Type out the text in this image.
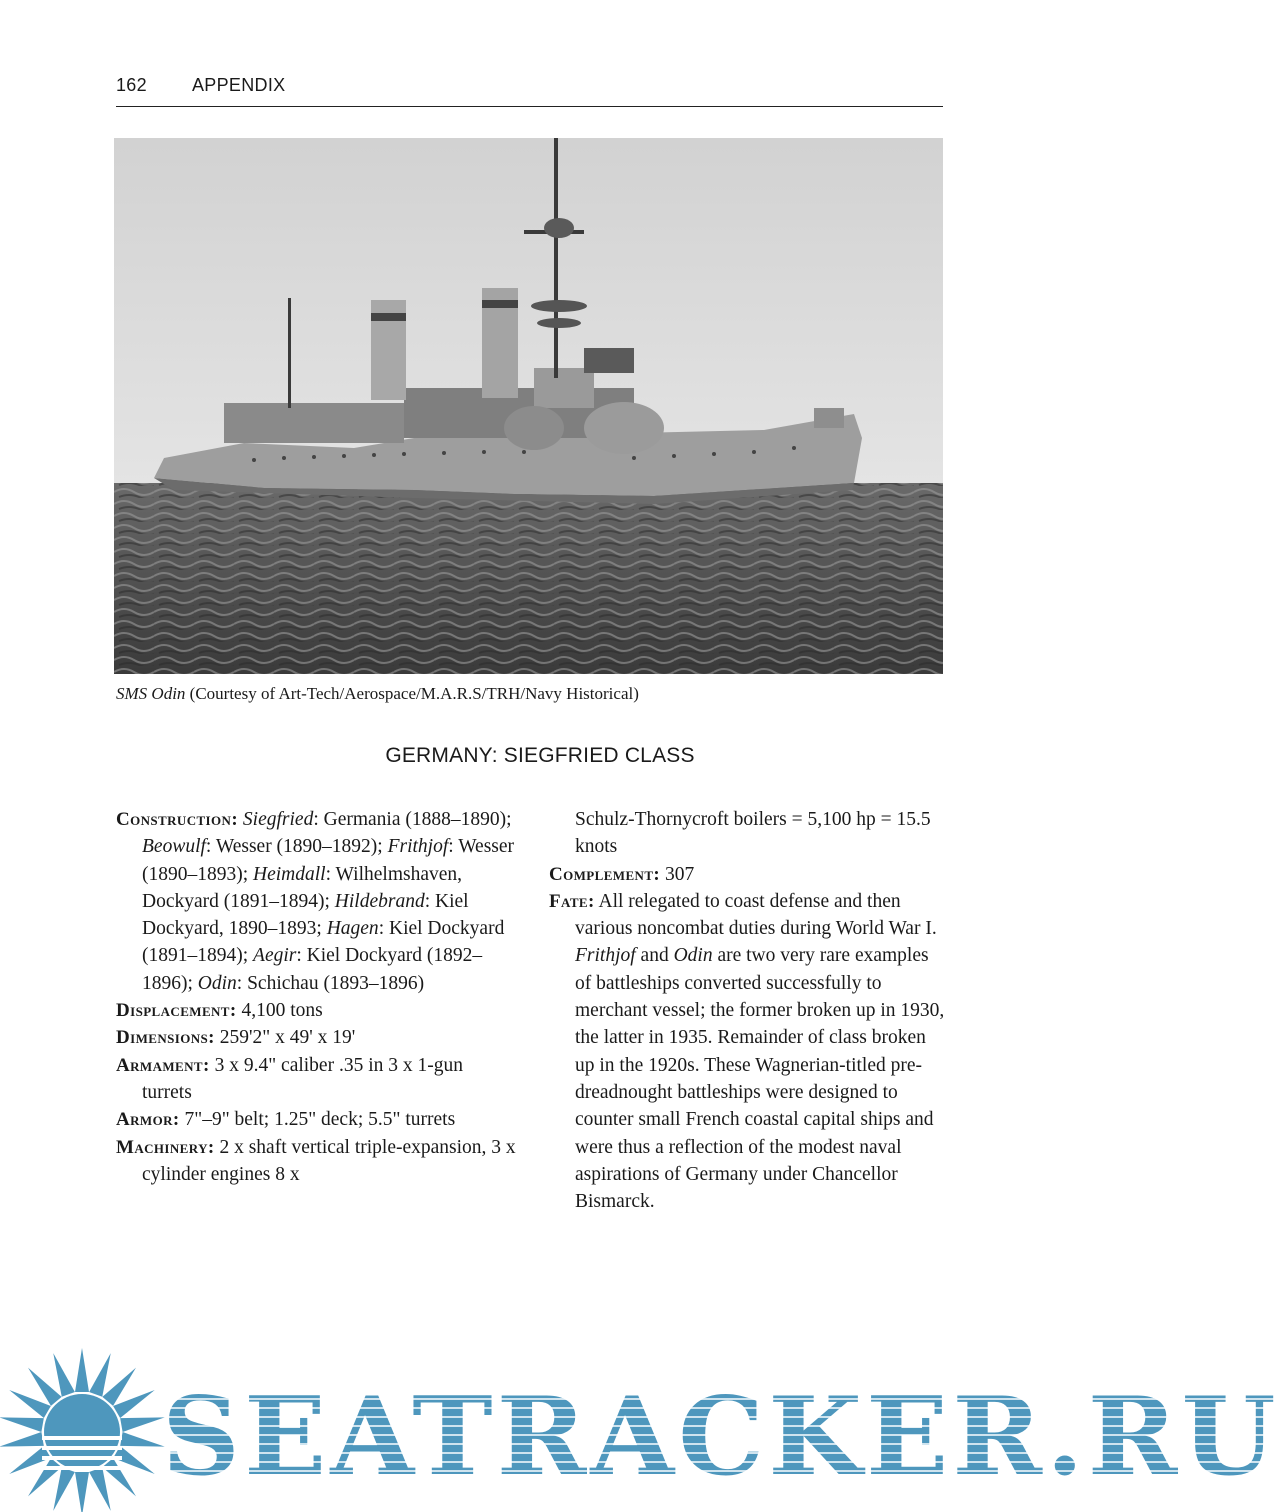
162	APPENDIX
SMS Odin (Courtesy of Art-Tech/Aerospace/M.A.R.S/TRH/Navy Historical)
GERMANY: SIEGFRIED CLASS

Construction: Siegfried: Germania (1888–1890); Beowulf: Wesser (1890–1892); Frithjof: Wesser (1890–1893); Heimdall: Wilhelmshaven, Dockyard (1891–1894); Hildebrand: Kiel Dockyard, 1890–1893; Hagen: Kiel Dockyard (1891–1894); Aegir: Kiel Dockyard (1892–1896); Odin: Schichau (1893–1896)

Displacement: 4,100 tons

Dimensions: 259'2" x 49' x 19'

Armament: 3 x 9.4" caliber .35 in 3 x 1-gun turrets

Armor: 7"–9" belt; 1.25" deck; 5.5" turrets

Machinery: 2 x shaft vertical triple-expansion, 3 x cylinder engines 8 x

Schulz-Thornycroft boilers = 5,100 hp = 15.5 knots

Complement: 307

Fate: All relegated to coast defense and then various noncombat duties during World War I. Frithjof and Odin are two very rare examples of battleships converted successfully to merchant vessel; the former broken up in 1930, the latter in 1935. Remainder of class broken up in the 1920s. These Wagnerian-titled pre-dreadnought battleships were designed to counter small French coastal capital ships and were thus a reflection of the modest naval aspirations of Germany under Chancellor Bismarck.

SEATRACKER.RU
